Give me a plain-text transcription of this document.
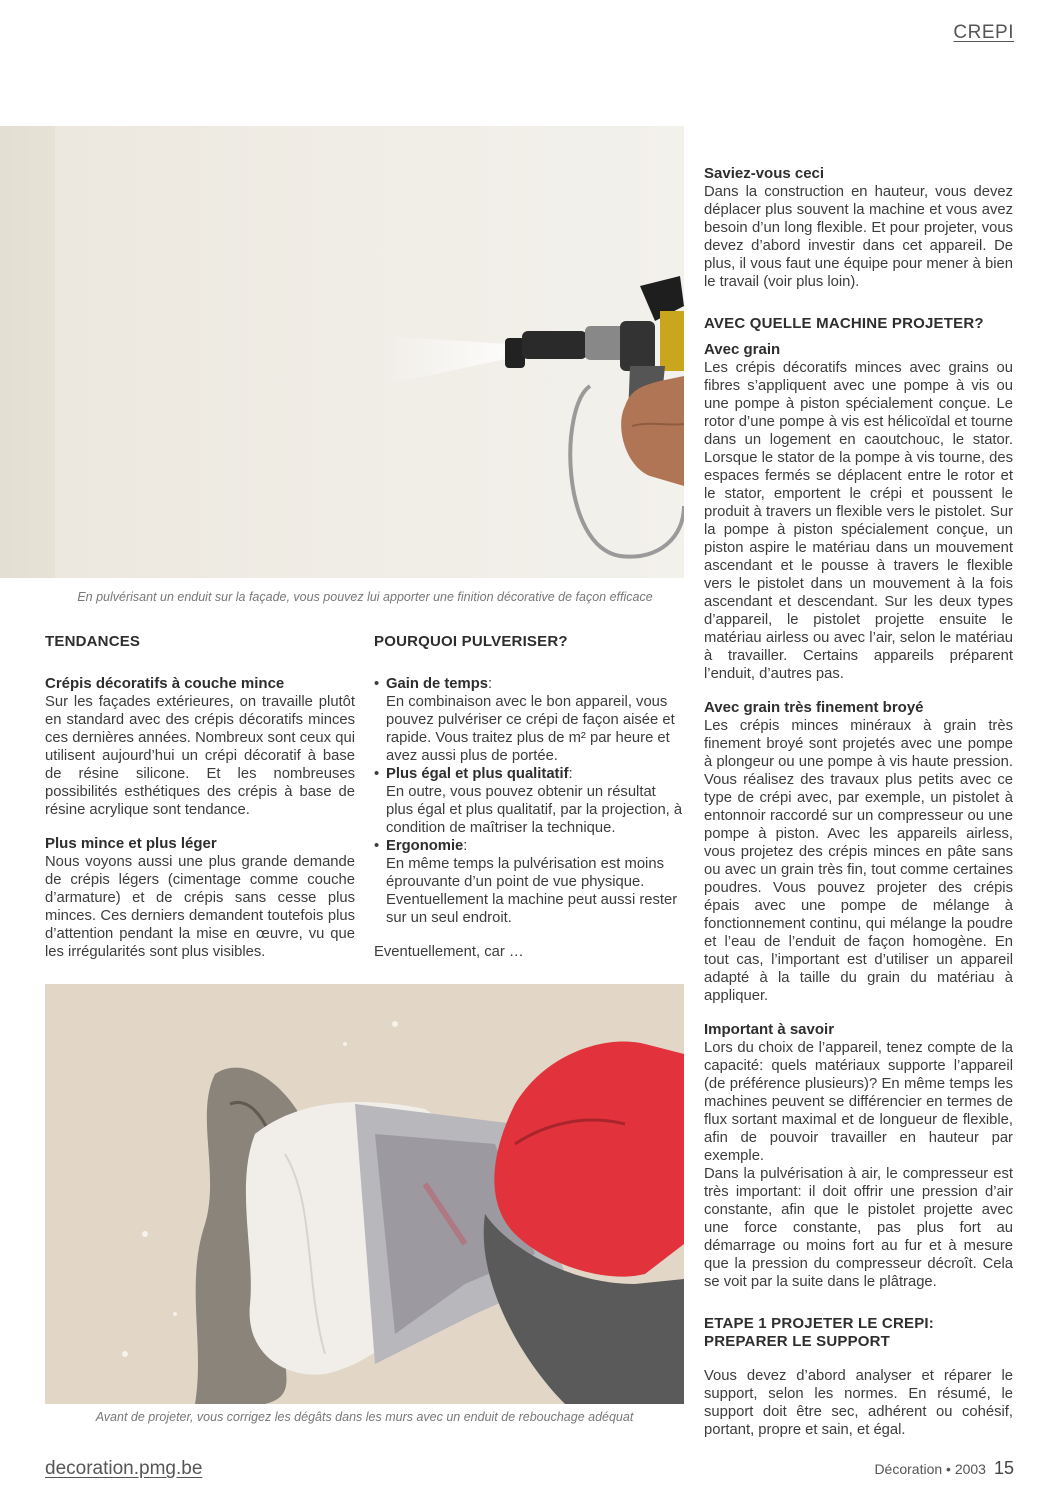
CREPI
En pulvérisant un enduit sur la façade, vous pouvez lui apporter une finition décorative de façon efficace
TENDANCES
Crépis décoratifs à couche mince

Sur les façades extérieures, on travaille plutôt en standard avec des crépis décoratifs minces ces dernières années. Nombreux sont ceux qui utilisent aujourd’hui un crépi décoratif à base de résine silicone. Et les nombreuses possibilités esthétiques des crépis à base de résine acrylique sont tendance.

Plus mince et plus léger

Nous voyons aussi une plus grande demande de crépis légers (cimentage comme couche d’armature) et de crépis sans cesse plus minces. Ces derniers demandent toutefois plus d’attention pendant la mise en œuvre, vu que les irrégularités sont plus visibles.

POURQUOI PULVERISER?
• Gain de temps:

En combinaison avec le bon appareil, vous pouvez pulvériser ce crépi de façon aisée et rapide. Vous traitez plus de m² par heure et avez aussi plus de portée.

• Plus égal et plus qualitatif:

En outre, vous pouvez obtenir un résultat plus égal et plus qualitatif, par la projection, à condition de maîtriser la technique.

• Ergonomie:

En même temps la pulvérisation est moins éprouvante d’un point de vue physique. Eventuellement la machine peut aussi rester sur un seul endroit.

Eventuellement, car …

Avant de projeter, vous corrigez les dégâts dans les murs avec un enduit de rebouchage adéquat
Saviez-vous ceci

Dans la construction en hauteur, vous devez déplacer plus souvent la machine et vous avez besoin d’un long flexible. Et pour projeter, vous devez d’abord investir dans cet appareil. De plus, il vous faut une équipe pour mener à bien le travail (voir plus loin).

AVEC QUELLE MACHINE PROJETER?
Avec grain

Les crépis décoratifs minces avec grains ou fibres s’appliquent avec une pompe à vis ou une pompe à piston spécialement conçue. Le rotor d’une pompe à vis est hélicoïdal et tourne dans un logement en caoutchouc, le stator. Lorsque le stator de la pompe à vis tourne, des espaces fermés se déplacent entre le rotor et le stator, emportent le crépi et poussent le produit à travers un flexible vers le pistolet. Sur la pompe à piston spécialement conçue, un piston aspire le matériau dans un mouvement ascendant et le pousse à travers le flexible vers le pistolet dans un mouvement à la fois ascendant et descendant. Sur les deux types d’appareil, le pistolet projette ensuite le matériau airless ou avec l’air, selon le matériau à travailler. Certains appareils préparent l’enduit, d’autres pas.

Avec grain très finement broyé

Les crépis minces minéraux à grain très finement broyé sont projetés avec une pompe à plongeur ou une pompe à vis haute pression. Vous réalisez des travaux plus petits avec ce type de crépi avec, par exemple, un pistolet à entonnoir raccordé sur un compresseur ou une pompe à piston. Avec les appareils airless, vous projetez des crépis minces en pâte sans ou avec un grain très fin, tout comme certaines poudres. Vous pouvez projeter des crépis épais avec une pompe de mélange à fonctionnement continu, qui mélange la poudre et l’eau de l’enduit de façon homogène. En tout cas, l’important est d’utiliser un appareil adapté à la taille du grain du matériau à appliquer.

Important à savoir

Lors du choix de l’appareil, tenez compte de la capacité: quels matériaux supporte l’appareil (de préférence plusieurs)? En même temps les machines peuvent se différencier en termes de flux sortant maximal et de longueur de flexible, afin de pouvoir travailler en hauteur par exemple.

Dans la pulvérisation à air, le compresseur est très important: il doit offrir une pression d’air constante, afin que le pistolet projette avec une force constante, pas plus fort au démarrage ou moins fort au fur et à mesure que la pression du compresseur décroît. Cela se voit par la suite dans le plâtrage.

ETAPE 1 PROJETER LE CREPI:
PREPARER LE SUPPORT

Vous devez d’abord analyser et réparer le support, selon les normes. En résumé, le support doit être sec, adhérent ou cohésif, portant, propre et sain, et égal.

decoration.pmg.be	Décoration • 2003 15
